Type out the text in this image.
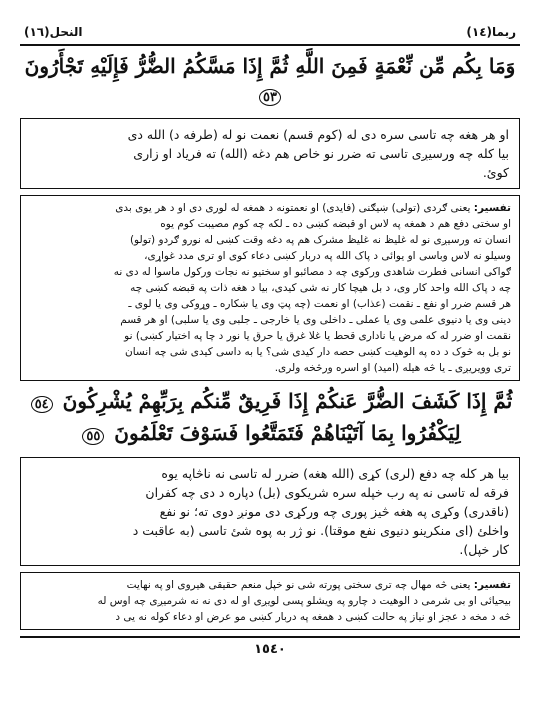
ربما(١٤)
النحل(١٦)
وَمَا بِكُم مِّن نِّعْمَةٍ فَمِنَ اللَّهِ ثُمَّ إِذَا مَسَّكُمُ الضُّرُّ فَإِلَيْهِ تَجْأَرُونَ ٥٣
او هر هغه چه تاسی سره دی له (کوم قسم) نعمت نو له (طرفه د) الله دی
بیا کله چه ورسیږی تاسی ته ضرر نو خاص هم دغه (الله) ته فریاد او زاری
کوئ.
تفسیر: یعنی ګردی (تولی) ښیګنی (فایدی) او نعمتونه د همغه له لوری دی او د هر یوی بدی
او سختی دفع هم د همغه په لاس او قبضه کښی ده ـ لکه چه کوم مصیبت کوم یوه
انسان ته ورسیږی نو له غلیظ نه غلیظ مشرک هم په دغه وقت کښی له نورو ګردو (تولو)
وسیلو نه لاس وباسی او یوائی د پاک الله په دربار کښی دعاء کوی او تری مدد غواړی،
ګواکی انسانی فطرت شاهدی ورکوی چه د مصائبو او سختیو نه نجات ورکول ماسوا له دی نه
چه د پاک الله واحد کار وی، د بل هیچا کار نه شی کیدی، بیا د هغه ذات په قبضه کښی چه
هر قسم ضرر او نفع ـ نقمت (عذاب) او نعمت (چه پټ وی یا ښکاره ـ وړوکی وی یا لوی ـ
دینی وی یا دنیوی علمی وی یا عملی ـ داخلی وی یا خارجی ـ جلبی وی یا سلبی) او هر قسم
نقمت او ضرر له که مرض یا ناداری قحط یا غلا غرق یا حرق یا نور د چا په اختیار کښی) نو
نو بل به څوک د ده په الوهیت کښی حصه دار کیدی شی؟ یا به داسی کیدی شی چه انسان
تری وویریږی ـ یا څه هیله (امید) او اسره ورڅخه ولری.
ثُمَّ إِذَا كَشَفَ الضُّرَّ عَنكُمْ إِذَا فَرِيقٌ مِّنكُم بِرَبِّهِمْ يُشْرِكُونَ ٥٤
لِيَكْفُرُوا بِمَا آتَيْنَاهُمْ فَتَمَتَّعُوا فَسَوْفَ تَعْلَمُونَ ٥٥
بیا هر کله چه دفع (لری) کړی (الله هغه) ضرر له تاسی نه ناڅاپه یوه
فرقه له تاسی نه په رب خپله سره شریکوی (بل) دپاره د دی چه کفران
(ناقدری) وکړی په هغه څیز پوری چه ورکړی دی مونږ دوی ته؛ نو نفع
واخلئ (ای منکرینو دنیوی نفع موقتا). نو ژر به پوه شئ تاسی (به عاقبت د
کار خپل).
تفسیر: یعنی څه مهال چه تری سختی پورته شی نو خپل منعم حقیقی هیروی او په نهایت
بیحیائی او بی شرمی د الوهیت د چارو په ویشلو پسی لویږی او له دی نه نه شرمیږی چه اوس له
څه د مخه د عجز او نیاز په حالت کښی د همغه په دربار کښی مو عرض او دعاء کوله نه یی د
١٥٤٠
